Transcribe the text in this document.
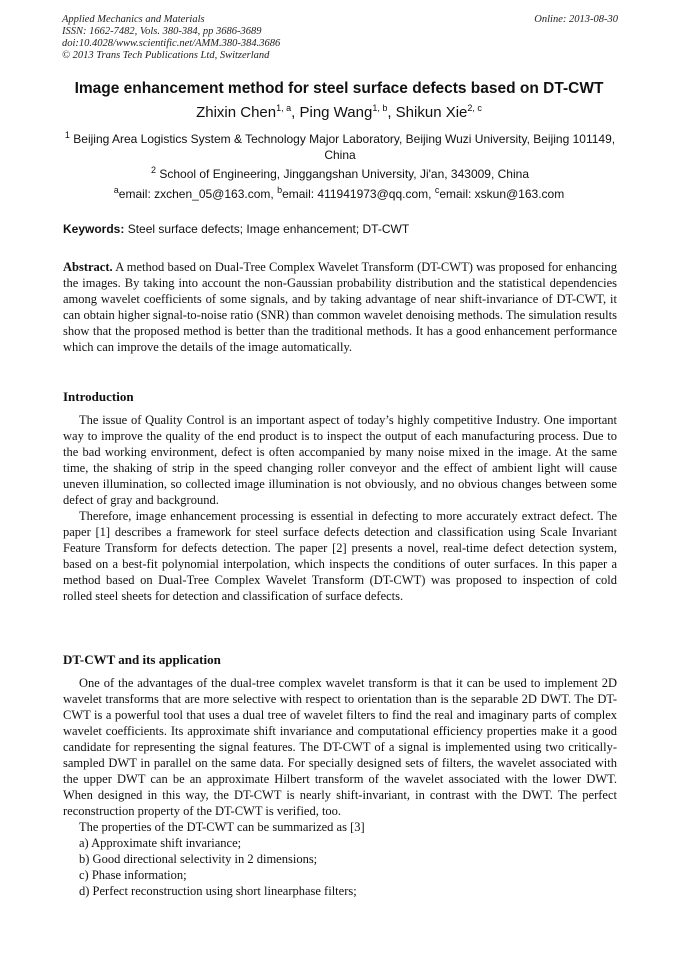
Applied Mechanics and Materials
ISSN: 1662-7482, Vols. 380-384, pp 3686-3689
doi:10.4028/www.scientific.net/AMM.380-384.3686
© 2013 Trans Tech Publications Ltd, Switzerland
Online: 2013-08-30
Image enhancement method for steel surface defects based on DT-CWT
Zhixin Chen$^{1, a}$, Ping Wang$^{1, b}$, Shikun Xie$^{2, c}$
$^1$ Beijing Area Logistics System & Technology Major Laboratory, Beijing Wuzi University, Beijing 101149, China
$^2$ School of Engineering, Jinggangshan University, Ji'an, 343009, China
$^a$email: zxchen_05@163.com, $^b$email: 411941973@qq.com, $^c$email: xskun@163.com
Keywords: Steel surface defects; Image enhancement; DT-CWT

Abstract. A method based on Dual-Tree Complex Wavelet Transform (DT-CWT) was proposed for enhancing the images. By taking into account the non-Gaussian probability distribution and the statistical dependencies among wavelet coefficients of some signals, and by taking advantage of near shift-invariance of DT-CWT, it can obtain higher signal-to-noise ratio (SNR) than common wavelet denoising methods. The simulation results show that the proposed method is better than the traditional methods. It has a good enhancement performance which can improve the details of the image automatically.

Introduction

The issue of Quality Control is an important aspect of today’s highly competitive Industry. One important way to improve the quality of the end product is to inspect the output of each manufacturing process. Due to the bad working environment, defect is often accompanied by many noise mixed in the image. At the same time, the shaking of strip in the speed changing roller conveyor and the effect of ambient light will cause uneven illumination, so collected image illumination is not obviously, and no obvious changes between some defect of gray and background.

Therefore, image enhancement processing is essential in defecting to more accurately extract defect. The paper [1] describes a framework for steel surface defects detection and classification using Scale Invariant Feature Transform for defects detection. The paper [2] presents a novel, real-time defect detection system, based on a best-fit polynomial interpolation, which inspects the conditions of outer surfaces. In this paper a method based on Dual-Tree Complex Wavelet Transform (DT-CWT) was proposed to inspection of cold rolled steel sheets for detection and classification of surface defects.

DT-CWT and its application

One of the advantages of the dual-tree complex wavelet transform is that it can be used to implement 2D wavelet transforms that are more selective with respect to orientation than is the separable 2D DWT. The DT-CWT is a powerful tool that uses a dual tree of wavelet filters to find the real and imaginary parts of complex wavelet coefficients. Its approximate shift invariance and computational efficiency properties make it a good candidate for representing the signal features. The DT-CWT of a signal is implemented using two critically-sampled DWT in parallel on the same data. For specially designed sets of filters, the wavelet associated with the upper DWT can be an approximate Hilbert transform of the wavelet associated with the lower DWT. When designed in this way, the DT-CWT is nearly shift-invariant, in contrast with the DWT. The perfect reconstruction property of the DT-CWT is verified, too.

The properties of the DT-CWT can be summarized as [3]

a) Approximate shift invariance;

b) Good directional selectivity in 2 dimensions;

c) Phase information;

d) Perfect reconstruction using short linearphase filters;
